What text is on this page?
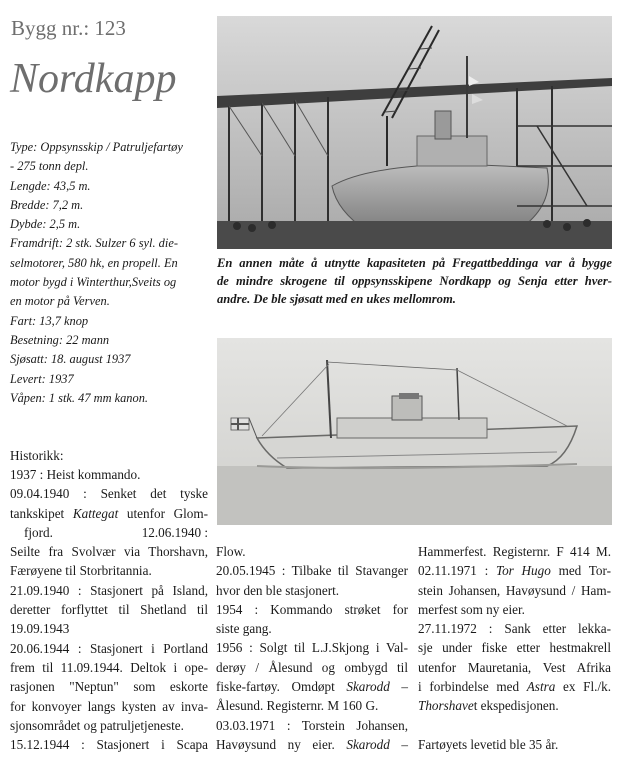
Bygg nr.: 123
Nordkapp
Type: Oppsynsskip / Patruljefartøy
- 275 tonn depl.
Lengde: 43,5 m.
Bredde: 7,2 m.
Dybde: 2,5 m.
Framdrift: 2 stk. Sulzer 6 syl. die-
selmotorer, 580 hk, en propell. En
motor bygd i Winterthur,Sveits og
en motor på Verven.
Fart: 13,7 knop
Besetning: 22 mann
Sjøsatt: 18. august 1937
Levert: 1937
Våpen: 1 stk. 47 mm kanon.
En annen måte å utnytte kapasiteten på Fregattbeddinga var å bygge
de mindre skrogene til oppsynsskipene Nordkapp og Senja etter hver-
andre. De ble sjøsatt med en ukes mellomrom.
Historikk:

1937 : Heist kommando.

09.04.1940 : Senket det tyske

tankskipet Kattegat utenfor Glom-

fjord.	12.06.1940 :

Seilte fra Svolvær via Thorshavn,

Færøyene til Storbritannia.

21.09.1940 : Stasjonert på Island,

deretter forflyttet til Shetland til

19.09.1943

20.06.1944 : Stasjonert i Portland

frem til 11.09.1944. Deltok i ope-

rasjonen "Neptun" som eskorte

for konvoyer langs kysten av inva-

sjonsområdet og patruljetjeneste.

15.12.1944 : Stasjonert i Scapa

Flow.

20.05.1945 : Tilbake til Stavanger

hvor den ble stasjonert.

1954 : Kommando strøket for

siste gang.

1956 : Solgt til L.J.Skjong i Val-

derøy / Ålesund og ombygd til

fiske-fartøy. Omdøpt Skarodd –

Ålesund. Registernr. M 160 G.

03.03.1971 : Torstein Johansen,

Havøysund ny eier. Skarodd –

Hammerfest. Registernr. F 414 M.

02.11.1971 : Tor Hugo med Tor-

stein Johansen, Havøysund / Ham-

merfest som ny eier.

27.11.1972 : Sank etter lekka-

sje under fiske etter hestmakrell

utenfor Mauretania, Vest Afrika

i forbindelse med Astra ex Fl./k.

Thorshavet ekspedisjonen.

Fartøyets levetid ble 35 år.
